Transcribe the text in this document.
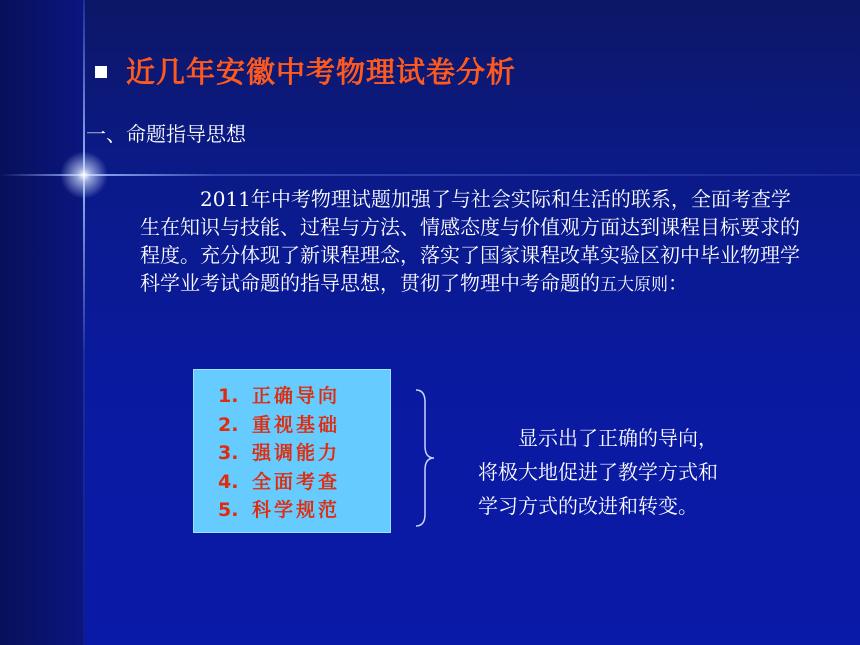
近几年安徽中考物理试卷分析
一、命题指导思想

2011年中考物理试题加强了与社会实际和生活的联系，全面考查学生在知识与技能、过程与方法、情感态度与价值观方面达到课程目标要求的程度。充分体现了新课程理念，落实了国家课程改革实验区初中毕业物理学科学业考试命题的指导思想，贯彻了物理中考命题的五大原则：

1. 正确导向
2. 重视基础
3. 强调能力
4. 全面考查
5. 科学规范

显示出了正确的导向，

将极大地促进了教学方式和

学习方式的改进和转变。
